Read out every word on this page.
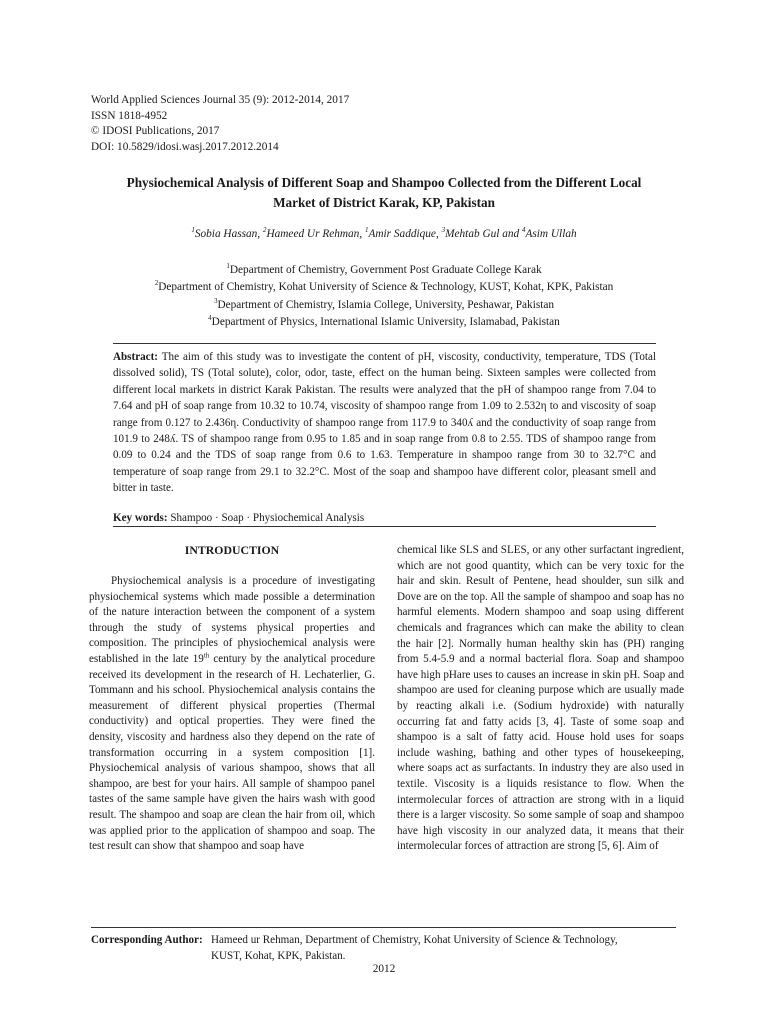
World Applied Sciences Journal 35 (9): 2012-2014, 2017
ISSN 1818-4952
© IDOSI Publications, 2017
DOI: 10.5829/idosi.wasj.2017.2012.2014
Physiochemical Analysis of Different Soap and Shampoo Collected from the Different Local Market of District Karak, KP, Pakistan
$^1$Sobia Hassan, $^2$Hameed Ur Rehman, $^1$Amir Saddique, $^3$Mehtab Gul and $^4$Asim Ullah
$^1$Department of Chemistry, Government Post Graduate College Karak
$^2$Department of Chemistry, Kohat University of Science & Technology, KUST, Kohat, KPK, Pakistan
$^3$Department of Chemistry, Islamia College, University, Peshawar, Pakistan
$^4$Department of Physics, International Islamic University, Islamabad, Pakistan
Abstract: The aim of this study was to investigate the content of pH, viscosity, conductivity, temperature, TDS (Total dissolved solid), TS (Total solute), color, odor, taste, effect on the human being. Sixteen samples were collected from different local markets in district Karak Pakistan. The results were analyzed that the pH of shampoo range from 7.04 to 7.64 and pH of soap range from 10.32 to 10.74, viscosity of shampoo range from 1.09 to 2.532η to and viscosity of soap range from 0.127 to 2.436η. Conductivity of shampoo range from 117.9 to 340ʎ and the conductivity of soap range from 101.9 to 248ʎ. TS of shampoo range from 0.95 to 1.85 and in soap range from 0.8 to 2.55. TDS of shampoo range from 0.09 to 0.24 and the TDS of soap range from 0.6 to 1.63. Temperature in shampoo range from 30 to 32.7°C and temperature of soap range from 29.1 to 32.2°C. Most of the soap and shampoo have different color, pleasant smell and bitter in taste.
Key words: Shampoo · Soap · Physiochemical Analysis
INTRODUCTION
Physiochemical analysis is a procedure of investigating physiochemical systems which made possible a determination of the nature interaction between the component of a system through the study of systems physical properties and composition. The principles of physiochemical analysis were established in the late 19th century by the analytical procedure received its development in the research of H. Lechaterlier, G. Tommann and his school. Physiochemical analysis contains the measurement of different physical properties (Thermal conductivity) and optical properties. They were fined the density, viscosity and hardness also they depend on the rate of transformation occurring in a system composition [1]. Physiochemical analysis of various shampoo, shows that all shampoo, are best for your hairs. All sample of shampoo panel tastes of the same sample have given the hairs wash with good result. The shampoo and soap are clean the hair from oil, which was applied prior to the application of shampoo and soap. The test result can show that shampoo and soap have
chemical like SLS and SLES, or any other surfactant ingredient, which are not good quantity, which can be very toxic for the hair and skin. Result of Pentene, head shoulder, sun silk and Dove are on the top. All the sample of shampoo and soap has no harmful elements. Modern shampoo and soap using different chemicals and fragrances which can make the ability to clean the hair [2]. Normally human healthy skin has (PH) ranging from 5.4-5.9 and a normal bacterial flora. Soap and shampoo have high pHare uses to causes an increase in skin pH. Soap and shampoo are used for cleaning purpose which are usually made by reacting alkali i.e. (Sodium hydroxide) with naturally occurring fat and fatty acids [3, 4]. Taste of some soap and shampoo is a salt of fatty acid. House hold uses for soaps include washing, bathing and other types of housekeeping, where soaps act as surfactants. In industry they are also used in textile. Viscosity is a liquids resistance to flow. When the intermolecular forces of attraction are strong with in a liquid there is a larger viscosity. So some sample of soap and shampoo have high viscosity in our analyzed data, it means that their intermolecular forces of attraction are strong [5, 6]. Aim of
Corresponding Author: Hameed ur Rehman, Department of Chemistry, Kohat University of Science & Technology,
KUST, Kohat, KPK, Pakistan.
2012
